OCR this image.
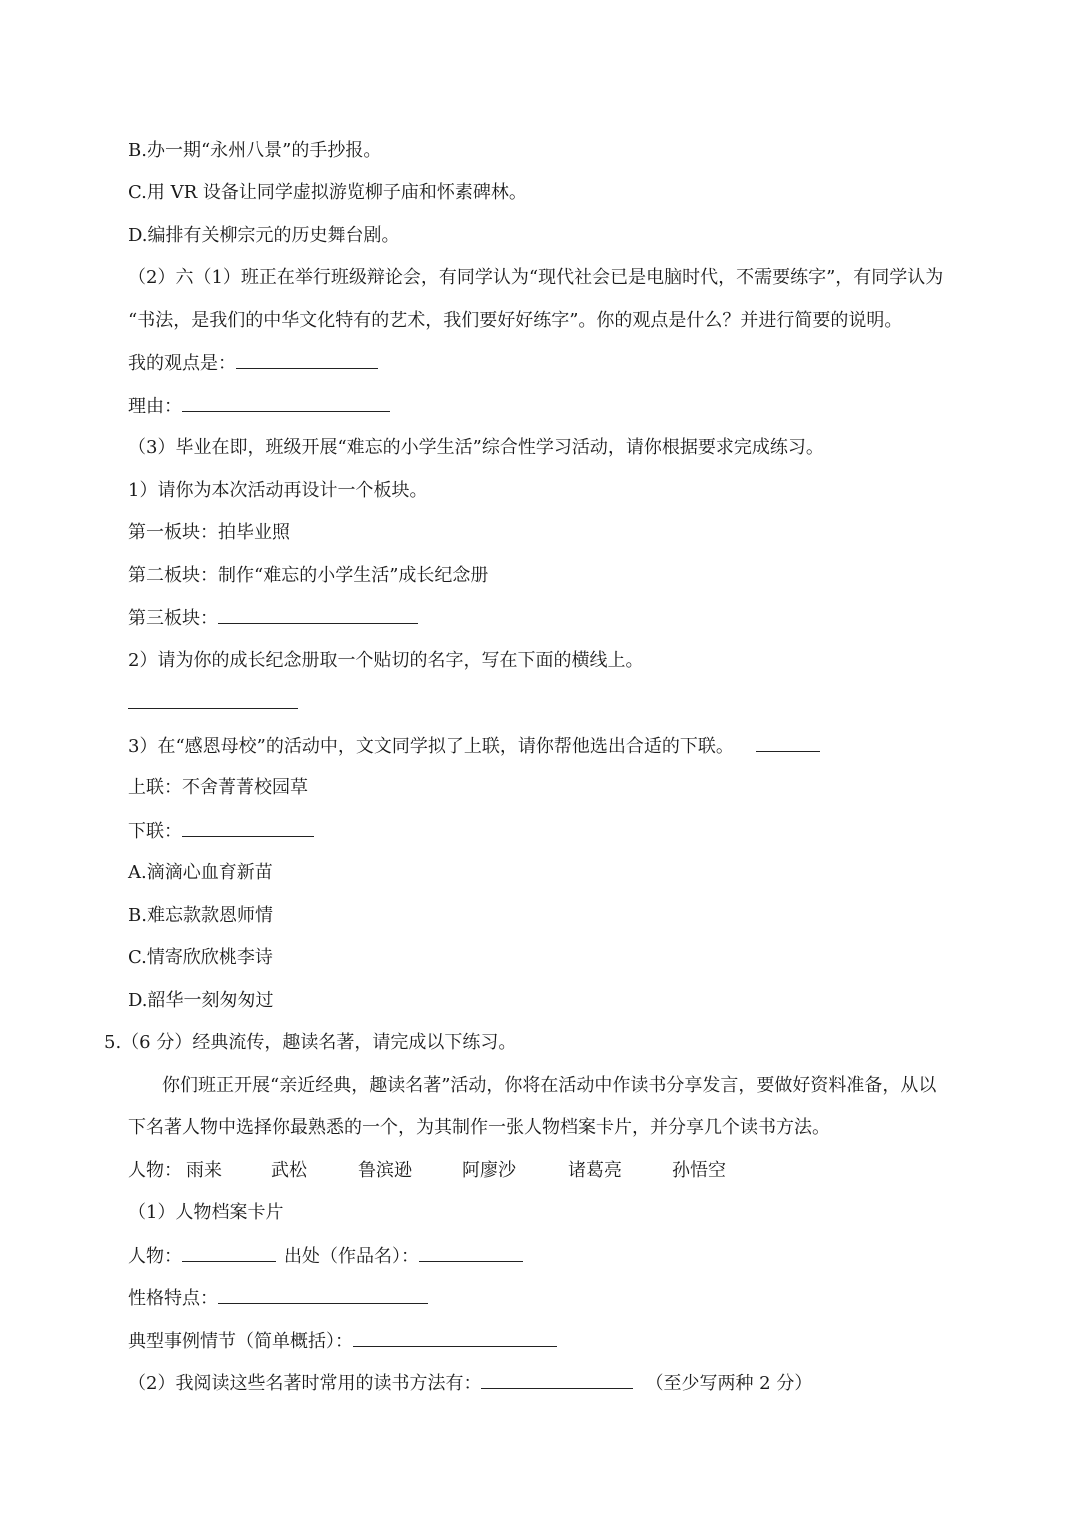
B.办一期“永州八景”的手抄报。
C.用 VR 设备让同学虚拟游览柳子庙和怀素碑林。
D.编排有关柳宗元的历史舞台剧。
（2）六（1）班正在举行班级辩论会，有同学认为“现代社会已是电脑时代，不需要练字”，有同学认为
“书法，是我们的中华文化特有的艺术，我们要好好练字”。你的观点是什么？并进行简要的说明。
我的观点是：
理由：
（3）毕业在即，班级开展“难忘的小学生活”综合性学习活动，请你根据要求完成练习。
1）请你为本次活动再设计一个板块。
第一板块：拍毕业照
第二板块：制作“难忘的小学生活”成长纪念册
第三板块：
2）请为你的成长纪念册取一个贴切的名字，写在下面的横线上。
3）在“感恩母校”的活动中，文文同学拟了上联，请你帮他选出合适的下联。
上联：不舍菁菁校园草
下联：
A.滴滴心血育新苗
B.难忘款款恩师情
C.情寄欣欣桃李诗
D.韶华一刻匆匆过
5.（6 分）经典流传，趣读名著，请完成以下练习。
你们班正开展“亲近经典，趣读名著”活动，你将在活动中作读书分享发言，要做好资料准备，从以
下名著人物中选择你最熟悉的一个，为其制作一张人物档案卡片，并分享几个读书方法。
人物： 雨来	武松	鲁滨逊	阿廖沙	诸葛亮	孙悟空
（1）人物档案卡片
人物：	出处（作品名）：
性格特点：
典型事例情节（简单概括）：
（2）我阅读这些名著时常用的读书方法有：	（至少写两种 2 分）
